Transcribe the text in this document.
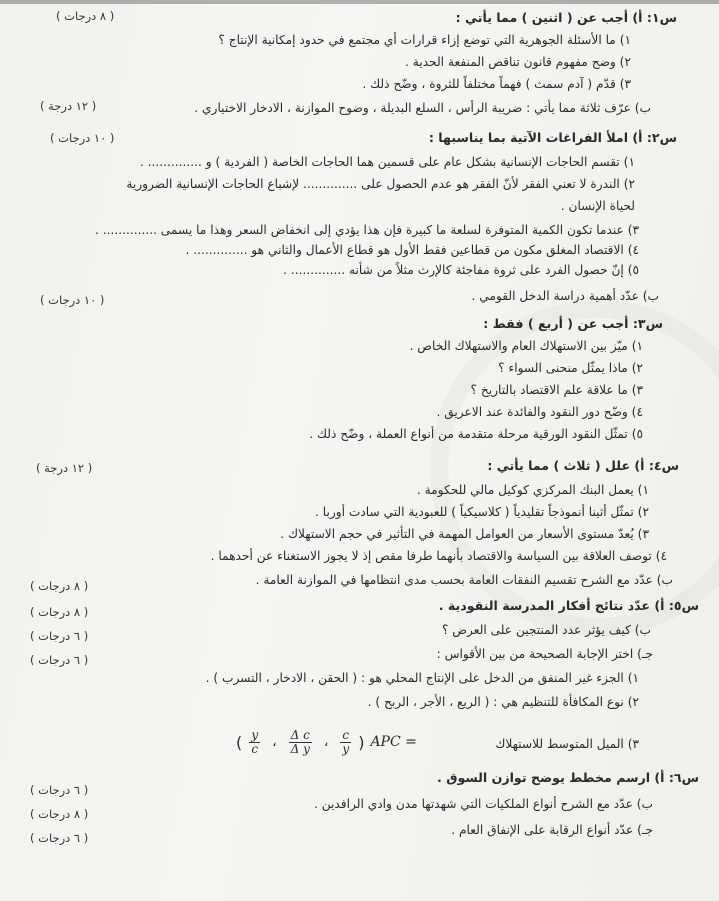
س١: أ) أجب عن ( اثنين ) مما يأتي :
( ٨ درجات )
١) ما الأسئلة الجوهرية التي توضع إزاء قرارات أي مجتمع في حدود إمكانية الإنتاج ؟
٢) وضح مفهوم قانون تناقص المنفعة الحدية .
٣) قدّم ( آدم سمث ) فهماً مختلفاً للثروة ، وضّح ذلك .
ب) عرّف ثلاثة مما يأتي : ضريبة الرأس ، السلع البديلة ، وضوح الموازنة ، الادخار الاختياري .
( ١٢ درجة )
س٢: أ) املأ الفراغات الآتية بما يناسبها :
( ١٠ درجات )
١) تقسم الحاجات الإنسانية بشكل عام على قسمين هما الحاجات الخاصة ( الفردية ) و .............. .
٢) الندرة لا تعني الفقر لأنّ الفقر هو عدم الحصول على .............. لإشباع الحاجات الإنسانية الضرورية
لحياة الإنسان .
٣) عندما تكون الكمية المتوفرة لسلعة ما كبيرة فإن هذا يؤدي إلى انخفاض السعر وهذا ما يسمى .............. .
٤) الاقتصاد المغلق مكون من قطاعين فقط الأول هو قطاع الأعمال والثاني هو .............. .
٥) إنّ حصول الفرد على ثروة مفاجئة كالإرث مثلاً من شأنه .............. .
ب) عدّد أهمية دراسة الدخل القومي .
( ١٠ درجات )
س٣: أجب عن ( أربع ) فقط :
١) ميّز بين الاستهلاك العام والاستهلاك الخاص .
٢) ماذا يمثّل منحنى السواء ؟
٣) ما علاقة علم الاقتصاد بالتاريخ ؟
٤) وضّح دور النقود والفائدة عند الاعريق .
٥) تمثّل النقود الورقية مرحلة متقدمة من أنواع العملة ، وضّح ذلك .
س٤: أ) علل ( ثلاث ) مما يأتي :
( ١٢ درجة )
١) يعمل البنك المركزي كوكيل مالي للحكومة .
٢) تمثّل أثينا أنموذجاً تقليدياً ( كلاسيكياً ) للعبودية التي سادت أوربا .
٣) يُعدّ مستوى الأسعار من العوامل المهمة في التأثير في حجم الاستهلاك .
٤) توصف العلاقة بين السياسة والاقتصاد بأنهما طرفا مقص إذ لا يجوز الاستغناء عن أحدهما .
ب) عدّد مع الشرح تقسيم النفقات العامة بحسب مدى انتظامها في الموازنة العامة .
( ٨ درجات )
س٥: أ) عدّد نتائج أفكار المدرسة النقودية .
( ٨ درجات )
ب) كيف يؤثر عدد المنتجين على العرض ؟
( ٦ درجات )
جـ) اختر الإجابة الصحيحة من بين الأقواس :
( ٦ درجات )
١) الجزء غير المنفق من الدخل على الإنتاج المحلي هو : ( الحقن ، الادخار ، التسرب ) .
٢) نوع المكافأة للتنظيم هي : ( الريع ، الأجر ، الربح ) .
٣) الميل المتوسط للاستهلاك
( $\frac{y}{c}$ ، $\frac{\text{Δ c}}{\text{Δ y}}$ ، $\frac{c}{y}$ ) APC =
س٦: أ) ارسم مخطط يوضح توازن السوق .
( ٦ درجات )
ب) عدّد مع الشرح أنواع الملكيات التي شهدتها مدن وادي الرافدين .
( ٨ درجات )
جـ) عدّد أنواع الرقابة على الإنفاق العام .
( ٦ درجات )
